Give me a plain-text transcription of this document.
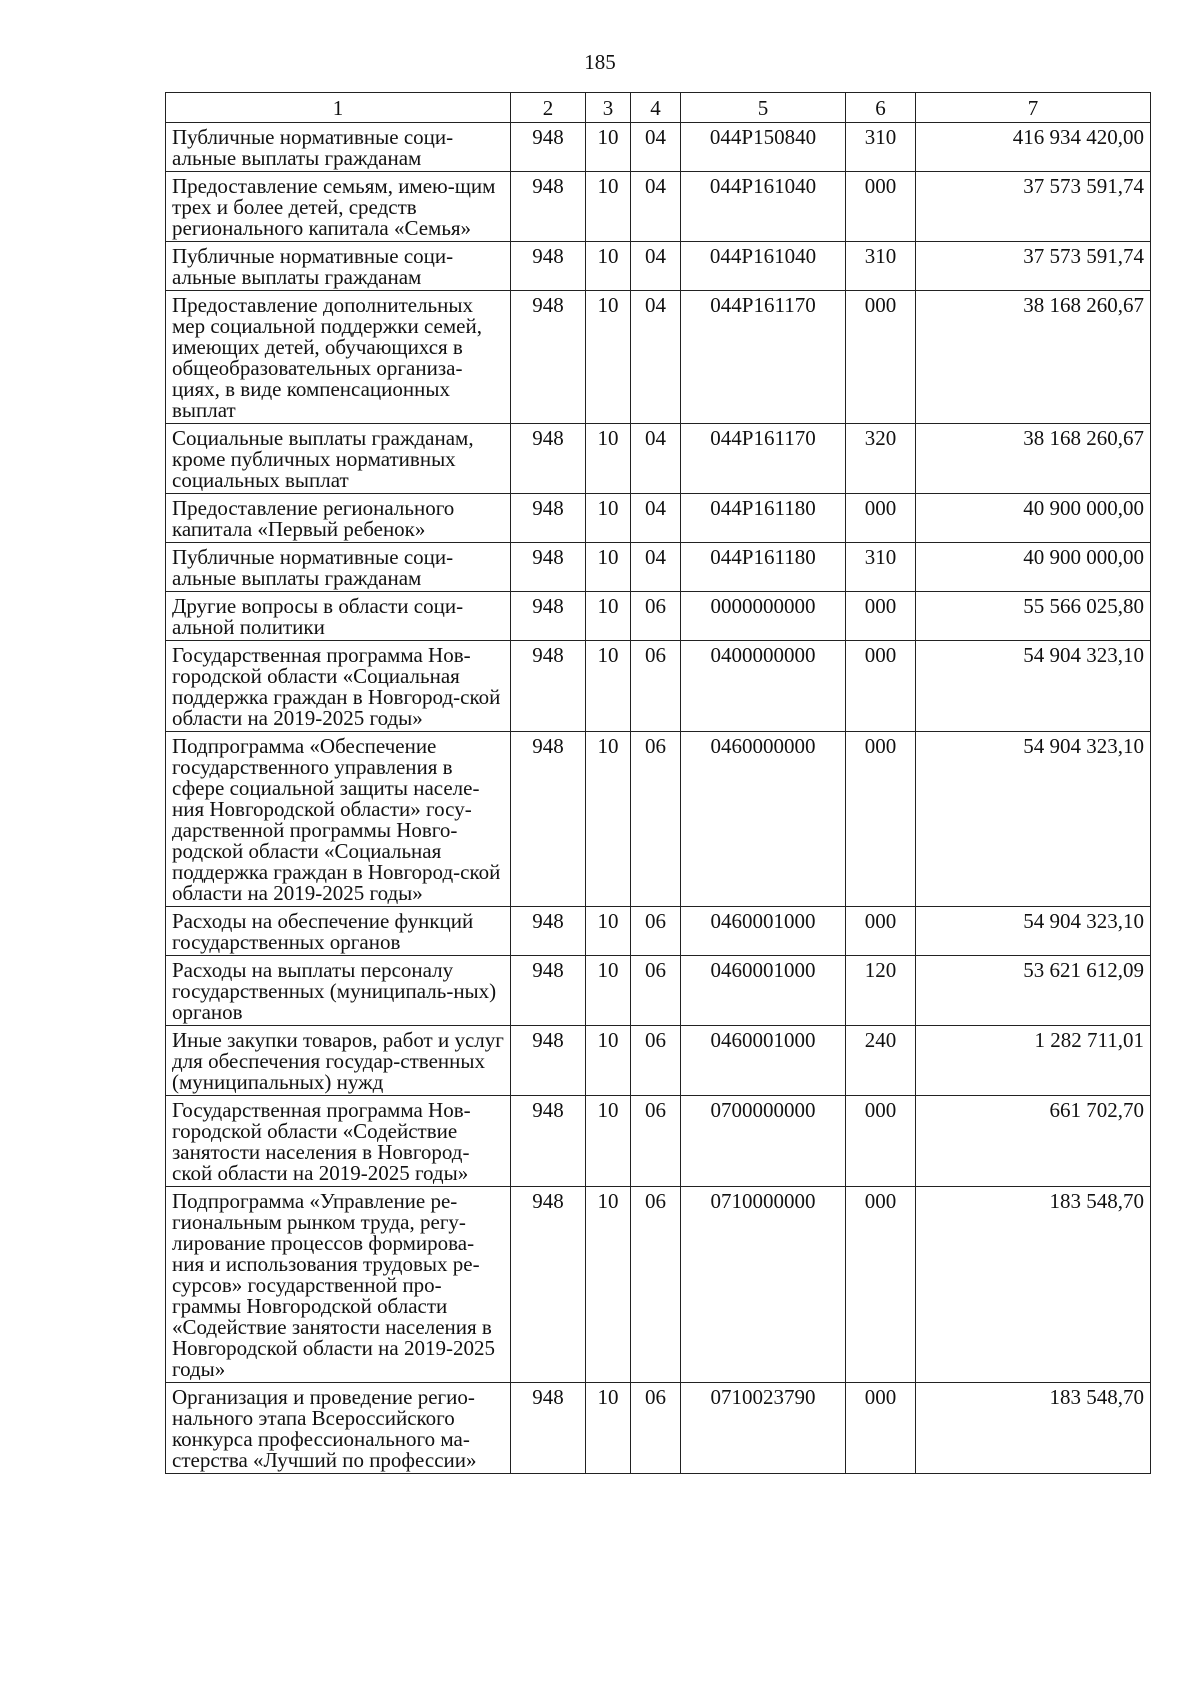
185
1	2	3	4	5	6	7
Публичные нормативные соци-альные выплаты гражданам	948	10	04	044P150840	310	416 934 420,00
Предоставление семьям, имею-щим трех и более детей, средств регионального капитала «Семья»	948	10	04	044P161040	000	37 573 591,74
Публичные нормативные соци-альные выплаты гражданам	948	10	04	044P161040	310	37 573 591,74
Предоставление дополнительных мер социальной поддержки семей, имеющих детей, обучающихся в общеобразовательных организа-циях, в виде компенсационных выплат	948	10	04	044P161170	000	38 168 260,67
Социальные выплаты гражданам, кроме публичных нормативных социальных выплат	948	10	04	044P161170	320	38 168 260,67
Предоставление регионального капитала «Первый ребенок»	948	10	04	044P161180	000	40 900 000,00
Публичные нормативные соци-альные выплаты гражданам	948	10	04	044P161180	310	40 900 000,00
Другие вопросы в области соци-альной политики	948	10	06	0000000000	000	55 566 025,80
Государственная программа Нов-городской области «Социальная поддержка граждан в Новгород-ской области на 2019-2025 годы»	948	10	06	0400000000	000	54 904 323,10
Подпрограмма «Обеспечение государственного управления в сфере социальной защиты населе-ния Новгородской области» госу-дарственной программы Новго-родской области «Социальная поддержка граждан в Новгород-ской области на 2019-2025 годы»	948	10	06	0460000000	000	54 904 323,10
Расходы на обеспечение функций государственных органов	948	10	06	0460001000	000	54 904 323,10
Расходы на выплаты персоналу государственных (муниципаль-ных) органов	948	10	06	0460001000	120	53 621 612,09
Иные закупки товаров, работ и услуг для обеспечения государ-ственных (муниципальных) нужд	948	10	06	0460001000	240	1 282 711,01
Государственная программа Нов-городской области «Содействие занятости населения в Новгород-ской области на 2019-2025 годы»	948	10	06	0700000000	000	661 702,70
Подпрограмма «Управление ре-гиональным рынком труда, регу-лирование процессов формирова-ния и использования трудовых ре-сурсов» государственной про-граммы Новгородской области «Содействие занятости населения в Новгородской области на 2019-2025 годы»	948	10	06	0710000000	000	183 548,70
Организация и проведение регио-нального этапа Всероссийского конкурса профессионального ма-стерства «Лучший по профессии»	948	10	06	0710023790	000	183 548,70
